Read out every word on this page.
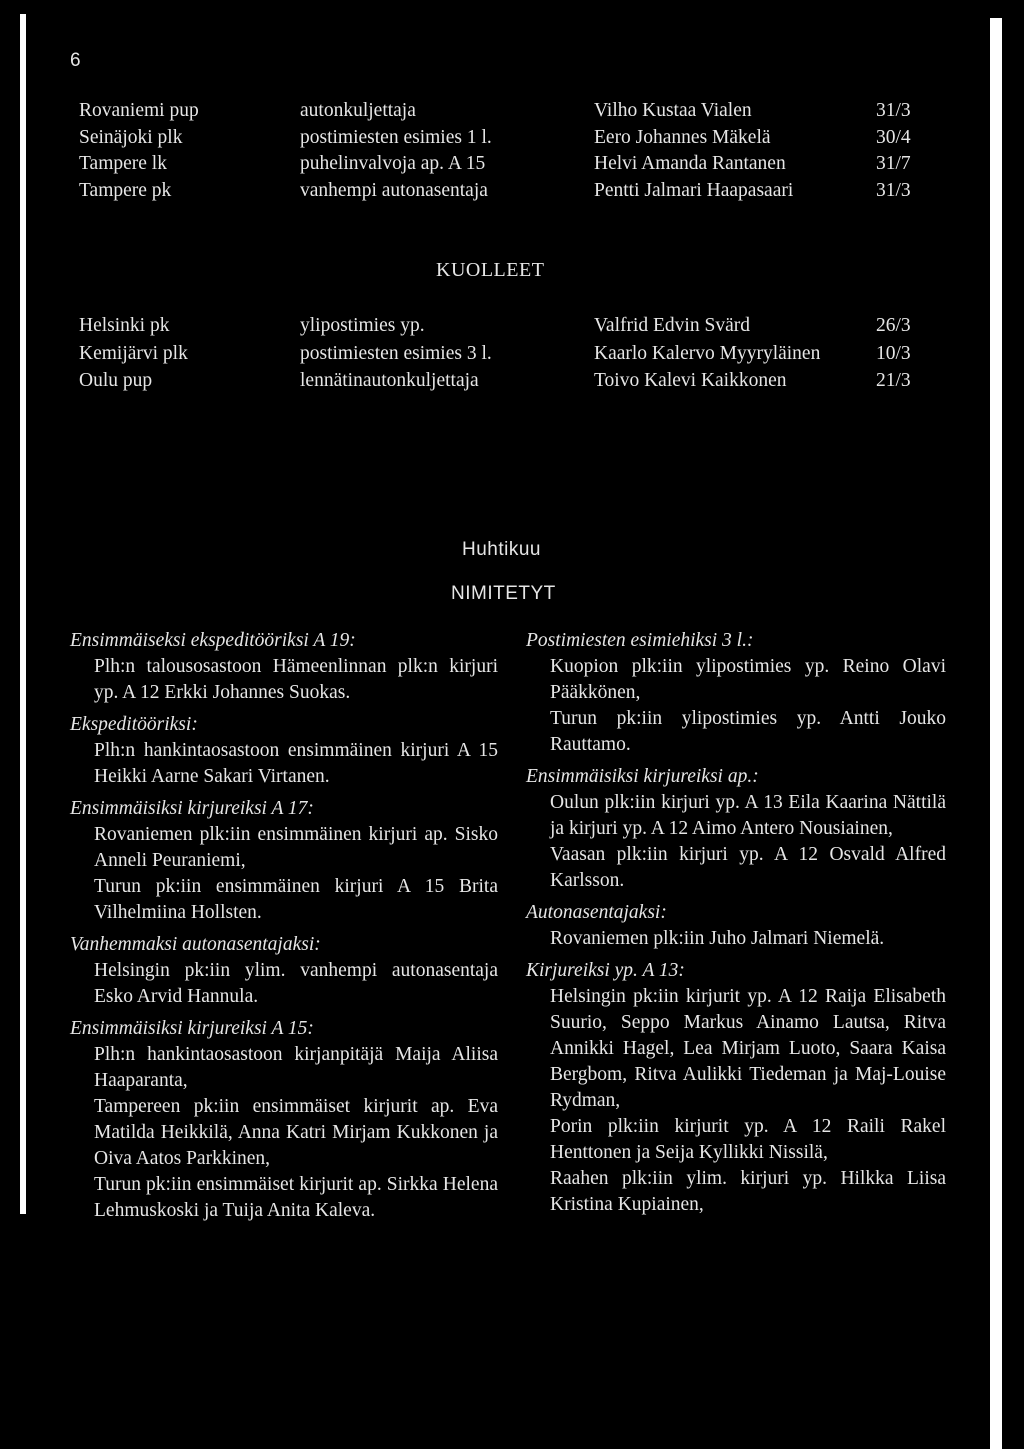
6
Rovaniemi pup	autonkuljettaja	Vilho Kustaa Vialen	31/3
Seinäjoki plk	postimiesten esimies 1 l.	Eero Johannes Mäkelä	30/4
Tampere lk	puhelinvalvoja ap. A 15	Helvi Amanda Rantanen	31/7
Tampere pk	vanhempi autonasentaja	Pentti Jalmari Haapasaari	31/3
KUOLLEET
Helsinki pk	ylipostimies yp.	Valfrid Edvin Svärd	26/3
Kemijärvi plk	postimiesten esimies 3 l.	Kaarlo Kalervo Myyryläinen	10/3
Oulu pup	lennätinautonkuljettaja	Toivo Kalevi Kaikkonen	21/3
Huhtikuu
NIMITETYT
Ensimmäiseksi ekspeditööriksi A 19:
Plh:n talousosastoon Hämeenlinnan plk:n kirjuri yp. A 12 Erkki Johannes Suokas.
Ekspeditööriksi:
Plh:n hankintaosastoon ensimmäinen kirjuri A 15 Heikki Aarne Sakari Virtanen.
Ensimmäisiksi kirjureiksi A 17:
Rovaniemen plk:iin ensimmäinen kirjuri ap. Sisko Anneli Peuraniemi,
Turun pk:iin ensimmäinen kirjuri A 15 Brita Vilhelmiina Hollsten.
Vanhemmaksi autonasentajaksi:
Helsingin pk:iin ylim. vanhempi autonasentaja Esko Arvid Hannula.
Ensimmäisiksi kirjureiksi A 15:
Plh:n hankintaosastoon kirjanpitäjä Maija Aliisa Haaparanta,
Tampereen pk:iin ensimmäiset kirjurit ap. Eva Matilda Heikkilä, Anna Katri Mirjam Kukkonen ja Oiva Aatos Parkkinen,
Turun pk:iin ensimmäiset kirjurit ap. Sirkka Helena Lehmuskoski ja Tuija Anita Kaleva.
Postimiesten esimiehiksi 3 l.:
Kuopion plk:iin ylipostimies yp. Reino Olavi Pääkkönen,
Turun pk:iin ylipostimies yp. Antti Jouko Rauttamo.
Ensimmäisiksi kirjureiksi ap.:
Oulun plk:iin kirjuri yp. A 13 Eila Kaarina Nättilä ja kirjuri yp. A 12 Aimo Antero Nousiainen,
Vaasan plk:iin kirjuri yp. A 12 Osvald Alfred Karlsson.
Autonasentajaksi:
Rovaniemen plk:iin Juho Jalmari Niemelä.
Kirjureiksi yp. A 13:
Helsingin pk:iin kirjurit yp. A 12 Raija Elisabeth Suurio, Seppo Markus Ainamo Lautsa, Ritva Annikki Hagel, Lea Mirjam Luoto, Saara Kaisa Bergbom, Ritva Aulikki Tiedeman ja Maj-Louise Rydman,
Porin plk:iin kirjurit yp. A 12 Raili Rakel Henttonen ja Seija Kyllikki Nissilä,
Raahen plk:iin ylim. kirjuri yp. Hilkka Liisa Kristina Kupiainen,
